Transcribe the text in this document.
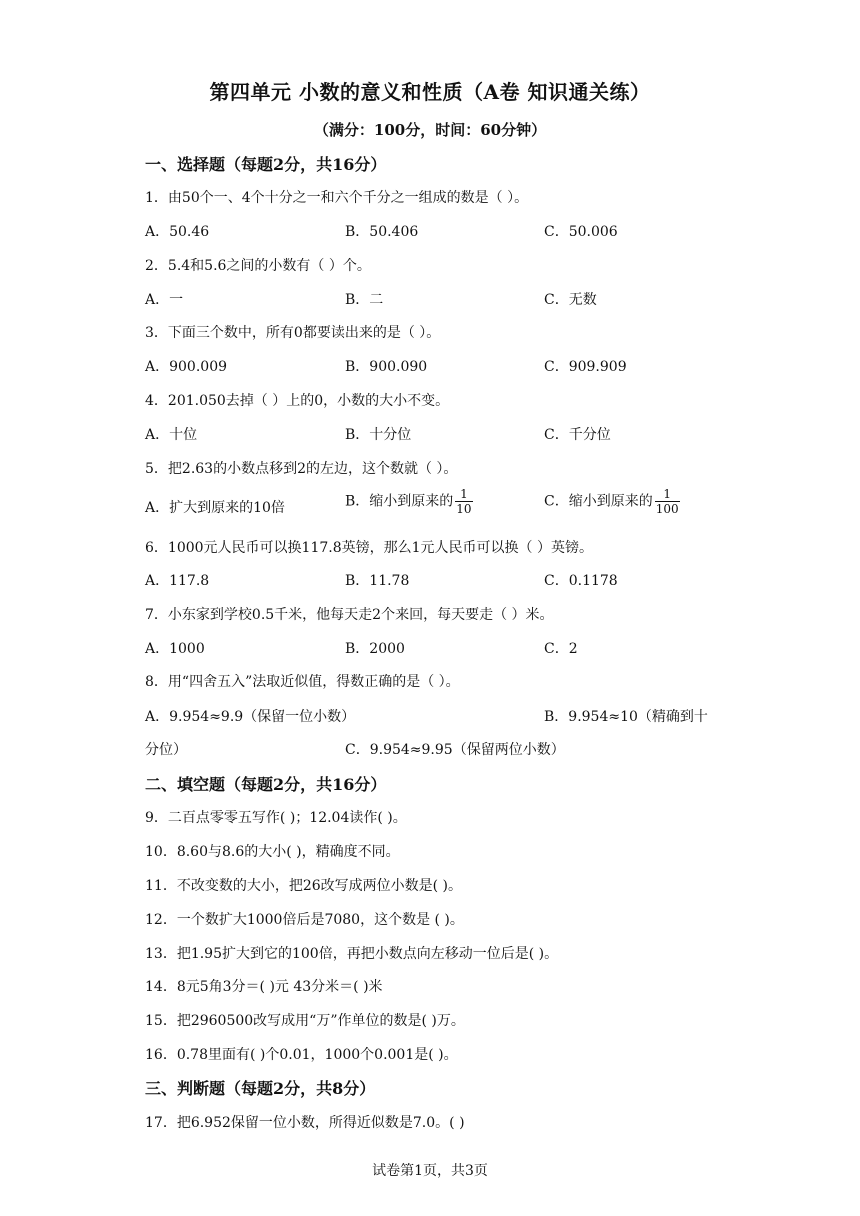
第四单元 小数的意义和性质（A卷 知识通关练）
（满分：100分，时间：60分钟）
一、选择题（每题2分，共16分）
1．由50个一、4个十分之一和六个千分之一组成的数是（ ）。
A．50.46	B．50.406	C．50.006
2．5.4和5.6之间的小数有（ ）个。
A．一	B．二	C．无数
3．下面三个数中，所有0都要读出来的是（ ）。
A．900.009	B．900.090	C．909.909
4．201.050去掉（ ）上的0，小数的大小不变。
A．十位	B．十分位	C．千分位
5．把2.63的小数点移到2的左边，这个数就（ ）。
A．扩大到原来的10倍	B．缩小到原来的 $\frac{1}{10}$	C．缩小到原来的 $\frac{1}{100}$
6．1000元人民币可以换117.8英镑，那么1元人民币可以换（ ）英镑。
A．117.8	B．11.78	C．0.1178
7．小东家到学校0.5千米，他每天走2个来回，每天要走（ ）米。
A．1000	B．2000	C．2
8．用“四舍五入”法取近似值，得数正确的是（ ）。
A．9.954≈9.9（保留一位小数）	B．9.954≈10（精确到十
分位）	C．9.954≈9.95（保留两位小数）
二、填空题（每题2分，共16分）
9．二百点零零五写作( )；12.04读作( )。
10．8.60与8.6的大小( )，精确度不同。
11．不改变数的大小，把26改写成两位小数是( )。
12．一个数扩大1000倍后是7080，这个数是 ( )。
13．把1.95扩大到它的100倍，再把小数点向左移动一位后是( )。
14．8元5角3分＝( )元 43分米＝( )米
15．把2960500改写成用“万”作单位的数是( )万。
16．0.78里面有( )个0.01，1000个0.001是( )。
三、判断题（每题2分，共8分）
17．把6.952保留一位小数，所得近似数是7.0。( )
试卷第1页，共3页
